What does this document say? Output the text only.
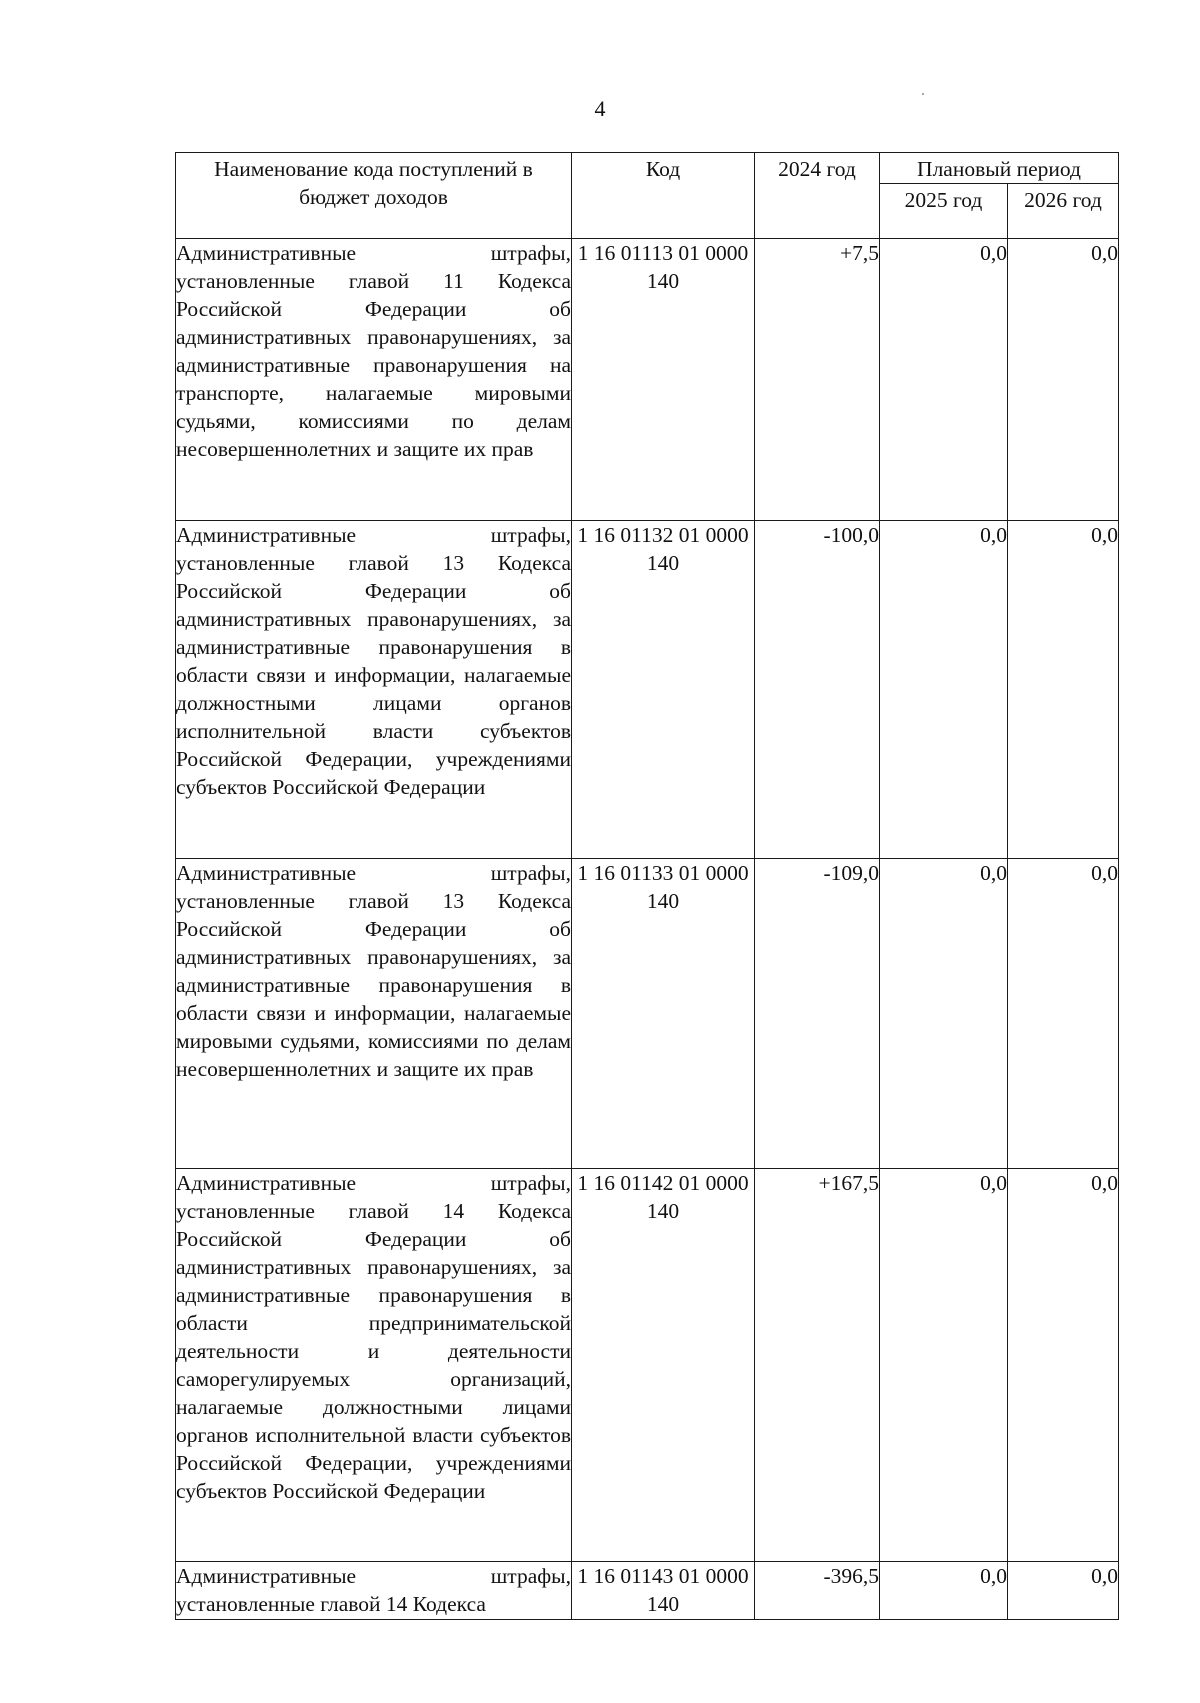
4
Наименование кода поступлений в бюджет доходов	Код	2024 год	Плановый период	
			2025 год	2026 год
Административные штрафы, установленные главой 11 Кодекса Российской Федерации об административных правонарушениях, за административные правонарушения на транспорте, налагаемые мировыми судьями, комиссиями по делам несовершеннолетних и защите их прав	1 16 01113 01 0000 140	+7,5	0,0	0,0
Административные штрафы, установленные главой 13 Кодекса Российской Федерации об административных правонарушениях, за административные правонарушения в области связи и информации, налагаемые должностными лицами органов исполнительной власти субъектов Российской Федерации, учреждениями субъектов Российской Федерации	1 16 01132 01 0000 140	-100,0	0,0	0,0
Административные штрафы, установленные главой 13 Кодекса Российской Федерации об административных правонарушениях, за административные правонарушения в области связи и информации, налагаемые мировыми судьями, комиссиями по делам несовершеннолетних и защите их прав	1 16 01133 01 0000 140	-109,0	0,0	0,0
Административные штрафы, установленные главой 14 Кодекса Российской Федерации об административных правонарушениях, за административные правонарушения в области предпринимательской деятельности и деятельности саморегулируемых организаций, налагаемые должностными лицами органов исполнительной власти субъектов Российской Федерации, учреждениями субъектов Российской Федерации	1 16 01142 01 0000 140	+167,5	0,0	0,0

Административные штрафы, установленные главой 14 Кодекса	1 16 01143 01 0000 140	-396,5	0,0	0,0
